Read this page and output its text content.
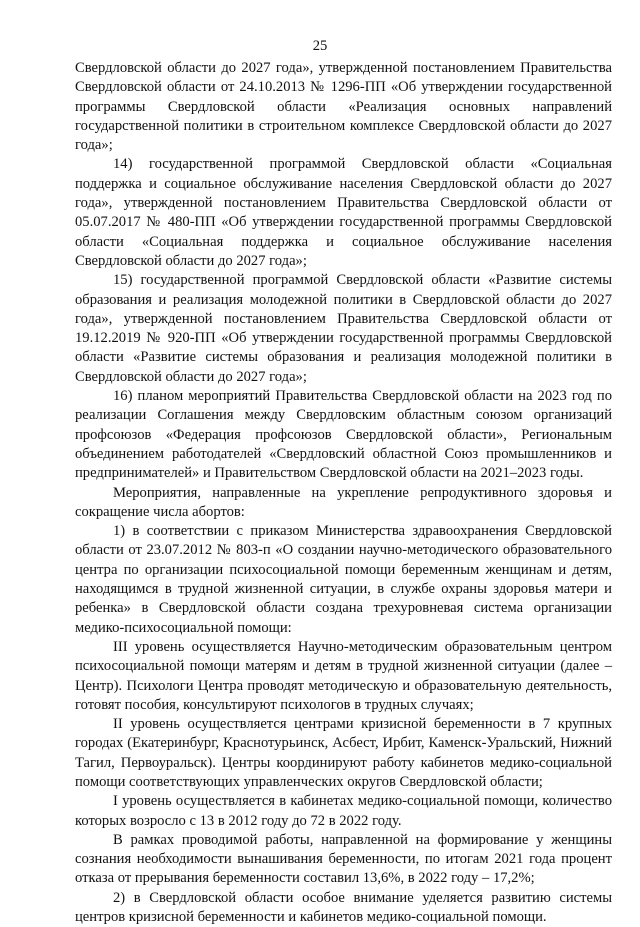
25

Свердловской области до 2027 года», утвержденной постановлением Правительства Свердловской области от 24.10.2013 № 1296-ПП «Об утверждении государственной программы Свердловской области «Реализация основных направлений государственной политики в строительном комплексе Свердловской области до 2027 года»;

14) государственной программой Свердловской области «Социальная поддержка и социальное обслуживание населения Свердловской области до 2027 года», утвержденной постановлением Правительства Свердловской области от 05.07.2017 № 480-ПП «Об утверждении государственной программы Свердловской области «Социальная поддержка и социальное обслуживание населения Свердловской области до 2027 года»;

15) государственной программой Свердловской области «Развитие системы образования и реализация молодежной политики в Свердловской области до 2027 года», утвержденной постановлением Правительства Свердловской области от 19.12.2019 № 920-ПП «Об утверждении государственной программы Свердловской области «Развитие системы образования и реализация молодежной политики в Свердловской области до 2027 года»;

16) планом мероприятий Правительства Свердловской области на 2023 год по реализации Соглашения между Свердловским областным союзом организаций профсоюзов «Федерация профсоюзов Свердловской области», Региональным объединением работодателей «Свердловский областной Союз промышленников и предпринимателей» и Правительством Свердловской области на 2021–2023 годы.

Мероприятия, направленные на укрепление репродуктивного здоровья и сокращение числа абортов:

1) в соответствии с приказом Министерства здравоохранения Свердловской области от 23.07.2012 № 803-п «О создании научно-методического образовательного центра по организации психосоциальной помощи беременным женщинам и детям, находящимся в трудной жизненной ситуации, в службе охраны здоровья матери и ребенка» в Свердловской области создана трехуровневая система организации медико-психосоциальной помощи:

III уровень осуществляется Научно-методическим образовательным центром психосоциальной помощи матерям и детям в трудной жизненной ситуации (далее – Центр). Психологи Центра проводят методическую и образовательную деятельность, готовят пособия, консультируют психологов в трудных случаях;

II уровень осуществляется центрами кризисной беременности в 7 крупных городах (Екатеринбург, Краснотурьинск, Асбест, Ирбит, Каменск-Уральский, Нижний Тагил, Первоуральск). Центры координируют работу кабинетов медико-социальной помощи соответствующих управленческих округов Свердловской области;

I уровень осуществляется в кабинетах медико-социальной помощи, количество которых возросло с 13 в 2012 году до 72 в 2022 году.

В рамках проводимой работы, направленной на формирование у женщины сознания необходимости вынашивания беременности, по итогам 2021 года процент отказа от прерывания беременности составил 13,6%, в 2022 году – 17,2%;

2) в Свердловской области особое внимание уделяется развитию системы центров кризисной беременности и кабинетов медико-социальной помощи.
